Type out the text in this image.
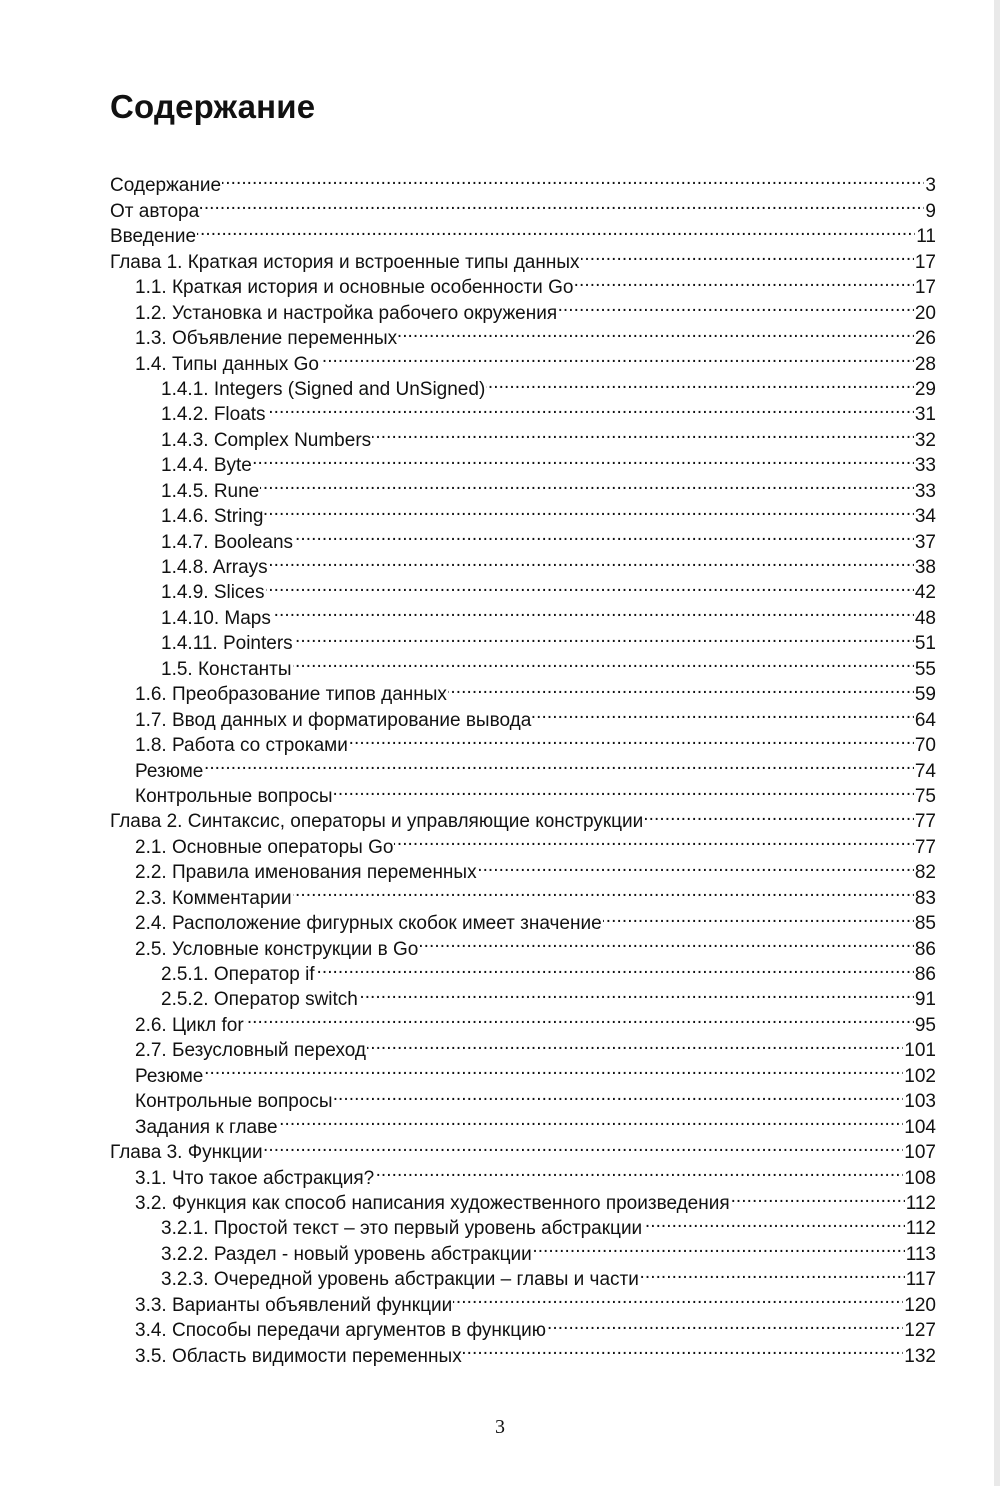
Содержание
Содержание . . .	3
От автора . . .	9
Введение . . .	11
Глава 1. Краткая история и встроенные типы данных . . .	17
1.1. Краткая история и основные особенности Go . . .	17
1.2. Установка и настройка рабочего окружения . . .	20
1.3. Объявление переменных . . .	26
1.4. Типы данных Go . . .	28
1.4.1. Integers (Signed and UnSigned) . . .	29
1.4.2. Floats . . .	31
1.4.3. Complex Numbers . . .	32
1.4.4. Byte . . .	33
1.4.5. Rune . . .	33
1.4.6. String . . .	34
1.4.7. Booleans . . .	37
1.4.8. Arrays . . .	38
1.4.9. Slices . . .	42
1.4.10. Maps . . .	48
1.4.11. Pointers . . .	51
1.5. Константы . . .	55
1.6. Преобразование типов данных . . .	59
1.7. Ввод данных и форматирование вывода . . .	64
1.8. Работа со строками . . .	70
Резюме . . .	74
Контрольные вопросы . . .	75
Глава 2. Синтаксис, операторы и управляющие конструкции . . .	77
2.1. Основные операторы Go . . .	77
2.2. Правила именования переменных . . .	82
2.3. Комментарии . . .	83
2.4. Расположение фигурных скобок имеет значение . . .	85
2.5. Условные конструкции в Go . . .	86
2.5.1. Оператор if . . .	86
2.5.2. Оператор switch . . .	91
2.6. Цикл for . . .	95
2.7. Безусловный переход . . .	101
Резюме . . .	102
Контрольные вопросы . . .	103
Задания к главе . . .	104
Глава 3. Функции . . .	107
3.1. Что такое абстракция? . . .	108
3.2. Функция как способ написания художественного произведения . . .	112
3.2.1. Простой текст – это первый уровень абстракции . . .	112
3.2.2. Раздел - новый уровень абстракции . . .	113
3.2.3. Очередной уровень абстракции – главы и части . . .	117
3.3. Варианты объявлений функции . . .	120
3.4. Способы передачи аргументов в функцию . . .	127
3.5. Область видимости переменных . . .	132
3
